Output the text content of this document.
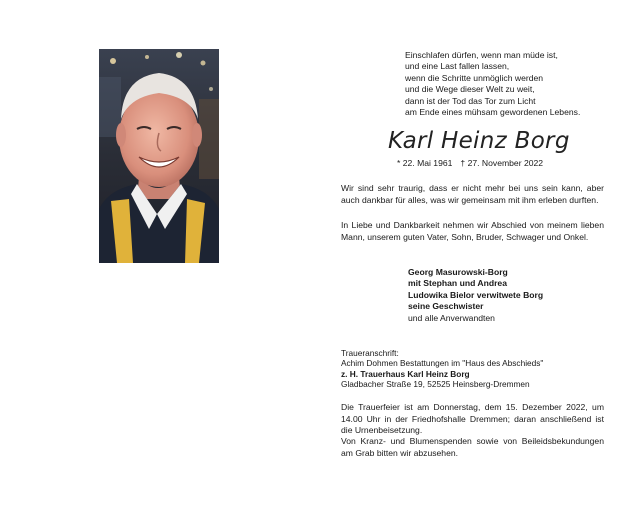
Einschlafen dürfen, wenn man müde ist,
und eine Last fallen lassen,
wenn die Schritte unmöglich werden
und die Wege dieser Welt zu weit,
dann ist der Tod das Tor zum Licht
am Ende eines mühsam gewordenen Lebens.
Karl Heinz Borg
* 22. Mai 1961 † 27. November 2022
Wir sind sehr traurig, dass er nicht mehr bei uns sein kann, aber auch dankbar für alles, was wir gemeinsam mit ihm erleben durften.
In Liebe und Dankbarkeit nehmen wir Abschied von meinem lieben Mann, unserem guten Vater, Sohn, Bruder, Schwager und Onkel.
Georg Masurowski-Borg
mit Stephan und Andrea
Ludowika Bielor verwitwete Borg
seine Geschwister
und alle Anverwandten
Traueranschrift:
Achim Dohmen Bestattungen im "Haus des Abschieds"
z. H. Trauerhaus Karl Heinz Borg
Gladbacher Straße 19, 52525 Heinsberg-Dremmen
Die Trauerfeier ist am Donnerstag, dem 15. Dezember 2022, um 14.00 Uhr in der Friedhofshalle Dremmen; daran anschließend ist die Urnenbeisetzung.
Von Kranz- und Blumenspenden sowie von Beileidsbekundungen am Grab bitten wir abzusehen.
